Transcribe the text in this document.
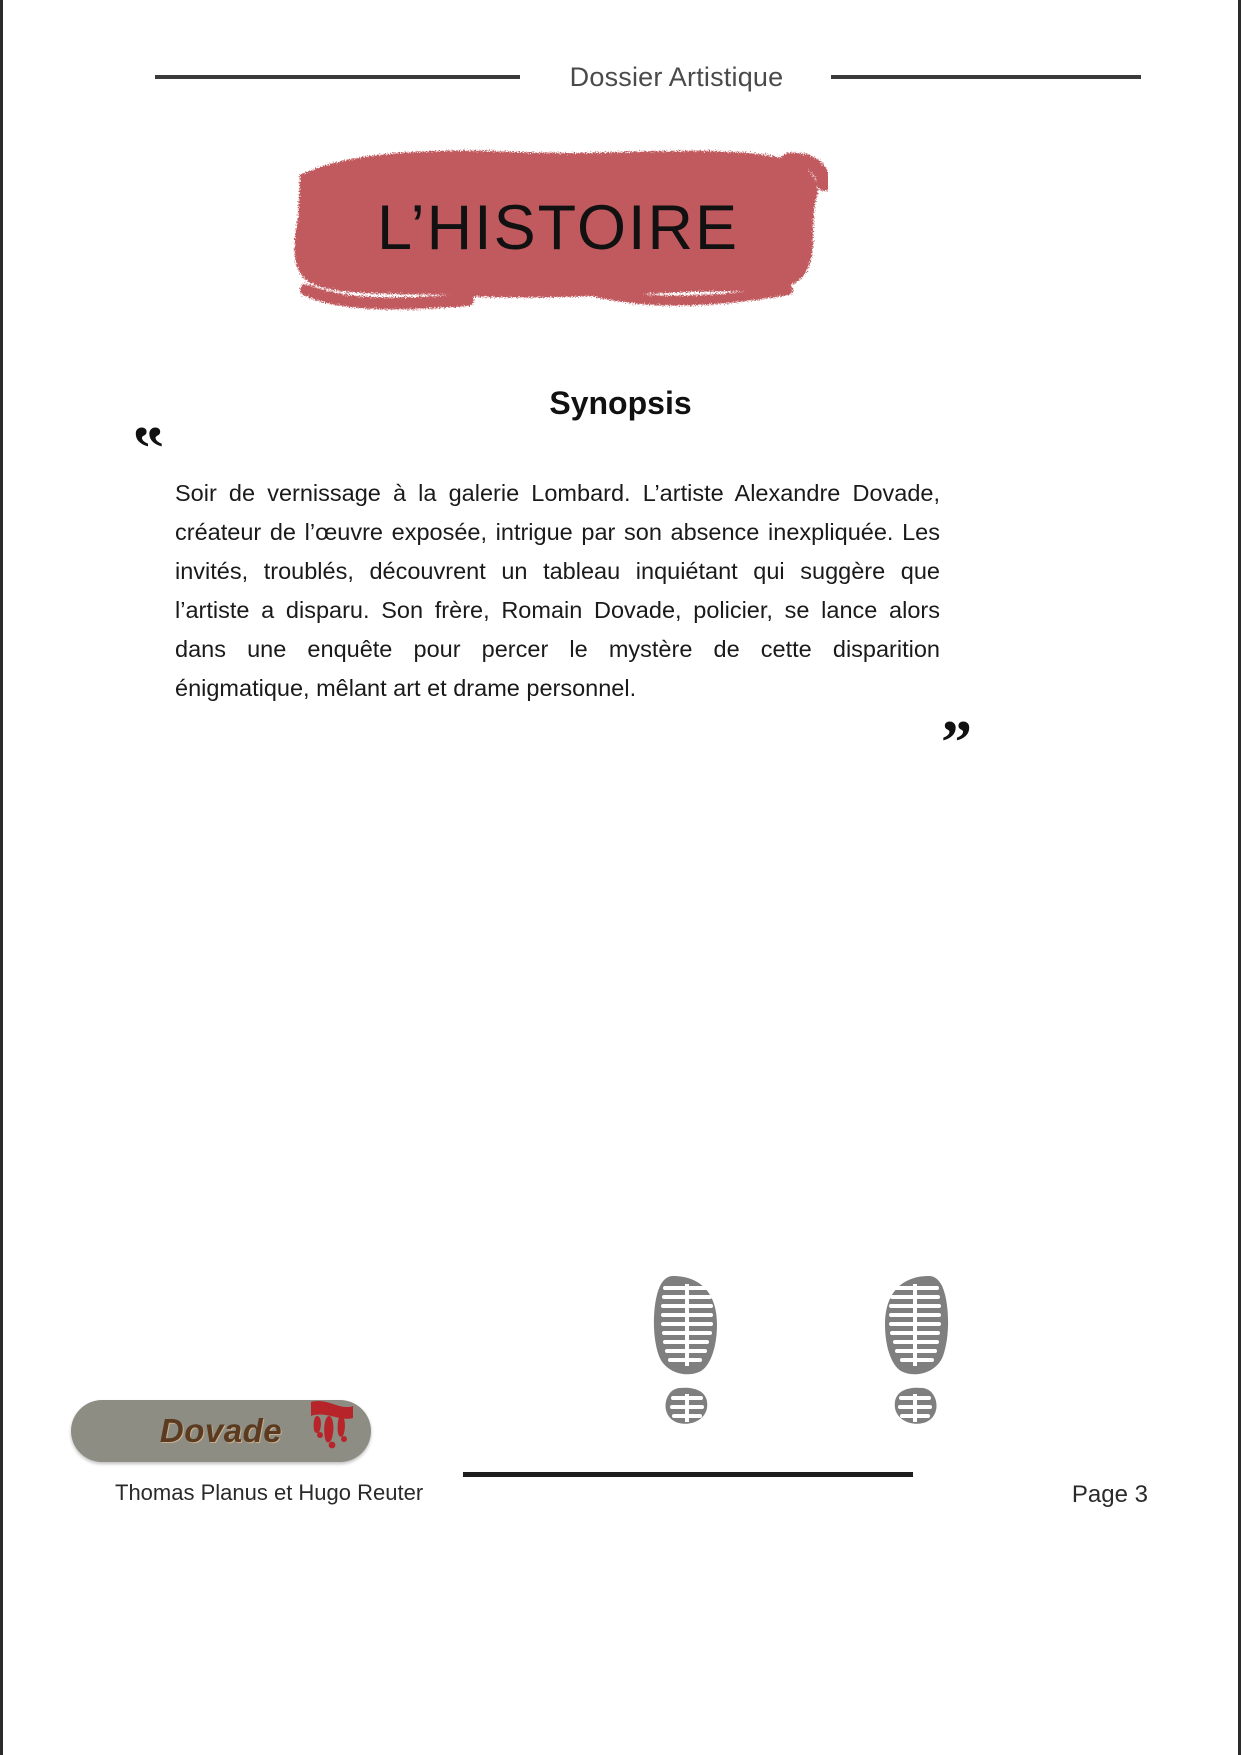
Dossier Artistique
L’HISTOIRE
Synopsis
”
”
Soir de vernissage à la galerie Lombard. L’artiste Alexandre Dovade, créateur de l’œuvre exposée, intrigue par son absence inexpliquée. Les invités, troublés, découvrent un tableau inquiétant qui suggère que l’artiste a disparu. Son frère, Romain Dovade, policier, se lance alors dans une enquête pour percer le mystère de cette disparition énigmatique, mêlant art et drame personnel.
Dovade
Thomas Planus et Hugo Reuter	Page 3
